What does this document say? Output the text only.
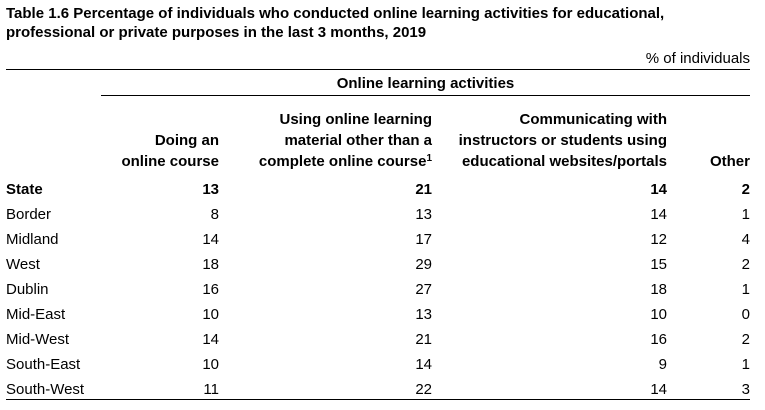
Table 1.6 Percentage of individuals who conducted online learning activities for educational,
professional or private purposes in the last 3 months, 2019
% of individuals
Online learning activities
Doing an
online course
Using online learning
material other than a
complete online course$^1$
Communicating with
instructors or students using
educational websites/portals	Other
State	13	21	14	2
Border	8	13	14	1
Midland	14	17	12	4
West	18	29	15	2
Dublin	16	27	18	1
Mid-East	10	13	10	0
Mid-West	14	21	16	2
South-East	10	14	9	1
South-West	11	22	14	3
